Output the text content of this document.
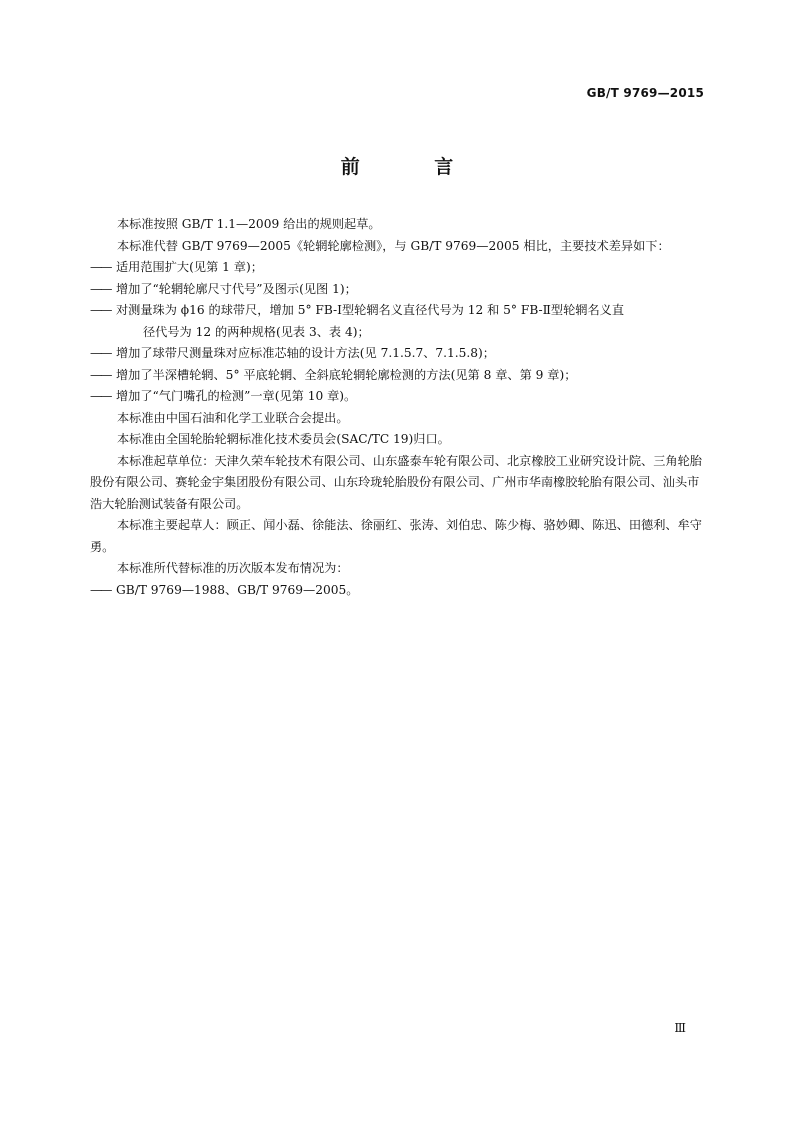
GB/T 9769—2015
前 言

本标准按照 GB/T 1.1—2009 给出的规则起草。

本标准代替 GB/T 9769—2005《轮辋轮廓检测》，与 GB/T 9769—2005 相比，主要技术差异如下：

—— 适用范围扩大(见第 1 章)；

—— 增加了“轮辋轮廓尺寸代号”及图示(见图 1)；

—— 对测量珠为 ϕ16 的球带尺，增加 5° FB-Ⅰ型轮辋名义直径代号为 12 和 5° FB-Ⅱ型轮辋名义直

径代号为 12 的两种规格(见表 3、表 4)；

—— 增加了球带尺测量珠对应标准芯轴的设计方法(见 7.1.5.7、7.1.5.8)；

—— 增加了半深槽轮辋、5° 平底轮辋、全斜底轮辋轮廓检测的方法(见第 8 章、第 9 章)；

—— 增加了“气门嘴孔的检测”一章(见第 10 章)。

本标准由中国石油和化学工业联合会提出。

本标准由全国轮胎轮辋标准化技术委员会(SAC/TC 19)归口。

本标准起草单位：天津久荣车轮技术有限公司、山东盛泰车轮有限公司、北京橡胶工业研究设计院、三角轮胎股份有限公司、赛轮金宇集团股份有限公司、山东玲珑轮胎股份有限公司、广州市华南橡胶轮胎有限公司、汕头市浩大轮胎测试装备有限公司。

本标准主要起草人：顾正、闻小磊、徐能法、徐丽红、张涛、刘伯忠、陈少梅、骆妙卿、陈迅、田德利、牟守勇。

本标准所代替标准的历次版本发布情况为：

—— GB/T 9769—1988、GB/T 9769—2005。

Ⅲ
